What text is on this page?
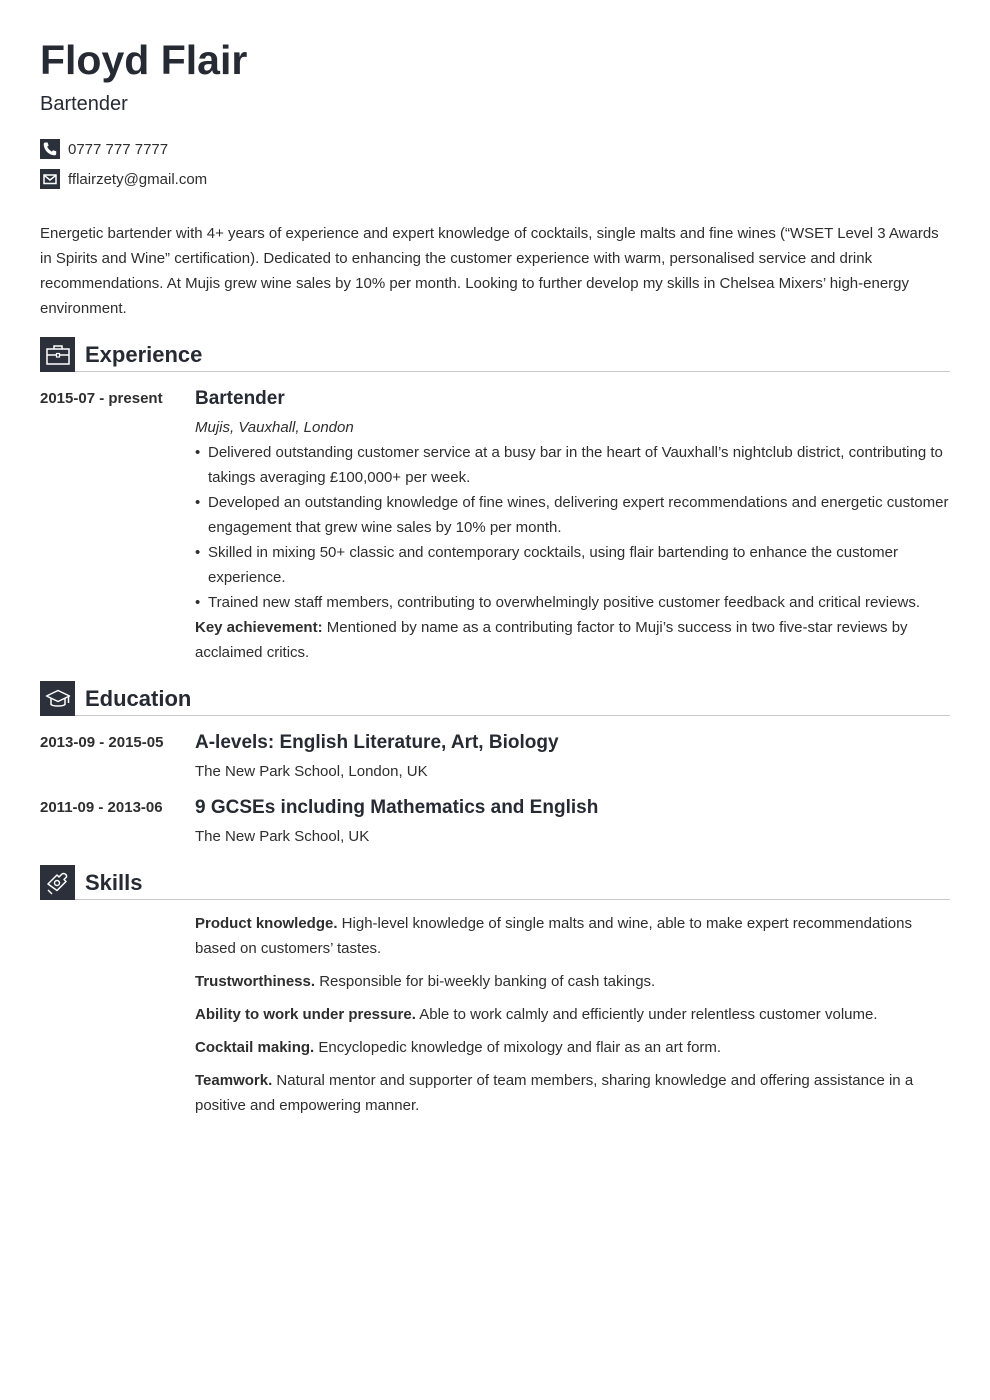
Floyd Flair
Bartender
0777 777 7777
fflairzety@gmail.com
Energetic bartender with 4+ years of experience and expert knowledge of cocktails, single malts and fine wines (“WSET Level 3 Awards in Spirits and Wine” certification). Dedicated to enhancing the customer experience with warm, personalised service and drink recommendations. At Mujis grew wine sales by 10% per month. Looking to further develop my skills in Chelsea Mixers’ high-energy environment.
Experience
2015-07 - present Bartender
Mujis, Vauxhall, London
• Delivered outstanding customer service at a busy bar in the heart of Vauxhall’s nightclub district, contributing to takings averaging £100,000+ per week.
• Developed an outstanding knowledge of fine wines, delivering expert recommendations and energetic customer engagement that grew wine sales by 10% per month.
• Skilled in mixing 50+ classic and contemporary cocktails, using flair bartending to enhance the customer experience.
• Trained new staff members, contributing to overwhelmingly positive customer feedback and critical reviews.
Key achievement: Mentioned by name as a contributing factor to Muji’s success in two five-star reviews by acclaimed critics.
Education
2013-09 - 2015-05 A-levels: English Literature, Art, Biology
The New Park School, London, UK
2011-09 - 2013-06 9 GCSEs including Mathematics and English
The New Park School, UK
Skills
Product knowledge. High-level knowledge of single malts and wine, able to make expert recommendations based on customers’ tastes.
Trustworthiness. Responsible for bi-weekly banking of cash takings.
Ability to work under pressure. Able to work calmly and efficiently under relentless customer volume.
Cocktail making. Encyclopedic knowledge of mixology and flair as an art form.
Teamwork. Natural mentor and supporter of team members, sharing knowledge and offering assistance in a positive and empowering manner.
